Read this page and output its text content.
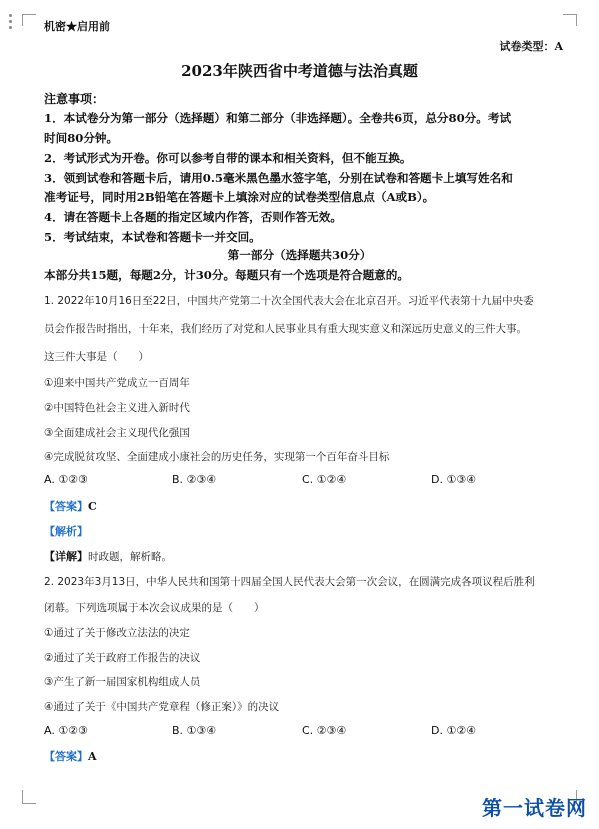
机密★启用前
试卷类型：A
2023年陕西省中考道德与法治真题
注意事项：
1．本试卷分为第一部分（选择题）和第二部分（非选择题）。全卷共6页，总分80分。考试
时间80分钟。
2．考试形式为开卷。你可以参考自带的课本和相关资料，但不能互换。
3．领到试卷和答题卡后，请用0.5毫米黑色墨水签字笔，分别在试卷和答题卡上填写姓名和
准考证号，同时用2B铅笔在答题卡上填涂对应的试卷类型信息点（A或B）。
4．请在答题卡上各题的指定区域内作答，否则作答无效。
5．考试结束，本试卷和答题卡一并交回。
第一部分（选择题共30分）
本部分共15题，每题2分，计30分。每题只有一个选项是符合题意的。
1. 2022年10月16日至22日，中国共产党第二十次全国代表大会在北京召开。习近平代表第十九届中央委
员会作报告时指出，十年来，我们经历了对党和人民事业具有重大现实意义和深远历史意义的三件大事。
这三件大事是（　　）
①迎来中国共产党成立一百周年
②中国特色社会主义进入新时代
③全面建成社会主义现代化强国
④完成脱贫攻坚、全面建成小康社会的历史任务，实现第一个百年奋斗目标
A. ①②③	B. ②③④	C. ①②④	D. ①③④
【答案】C
【解析】
【详解】时政题，解析略。
2. 2023年3月13日，中华人民共和国第十四届全国人民代表大会第一次会议，在圆满完成各项议程后胜利
闭幕。下列选项属于本次会议成果的是（　　）
①通过了关于修改立法法的决定
②通过了关于政府工作报告的决议
③产生了新一届国家机构组成人员
④通过了关于《中国共产党章程（修正案）》的决议
A. ①②③	B. ①③④	C. ②③④	D. ①②④
【答案】A
第一试卷网
